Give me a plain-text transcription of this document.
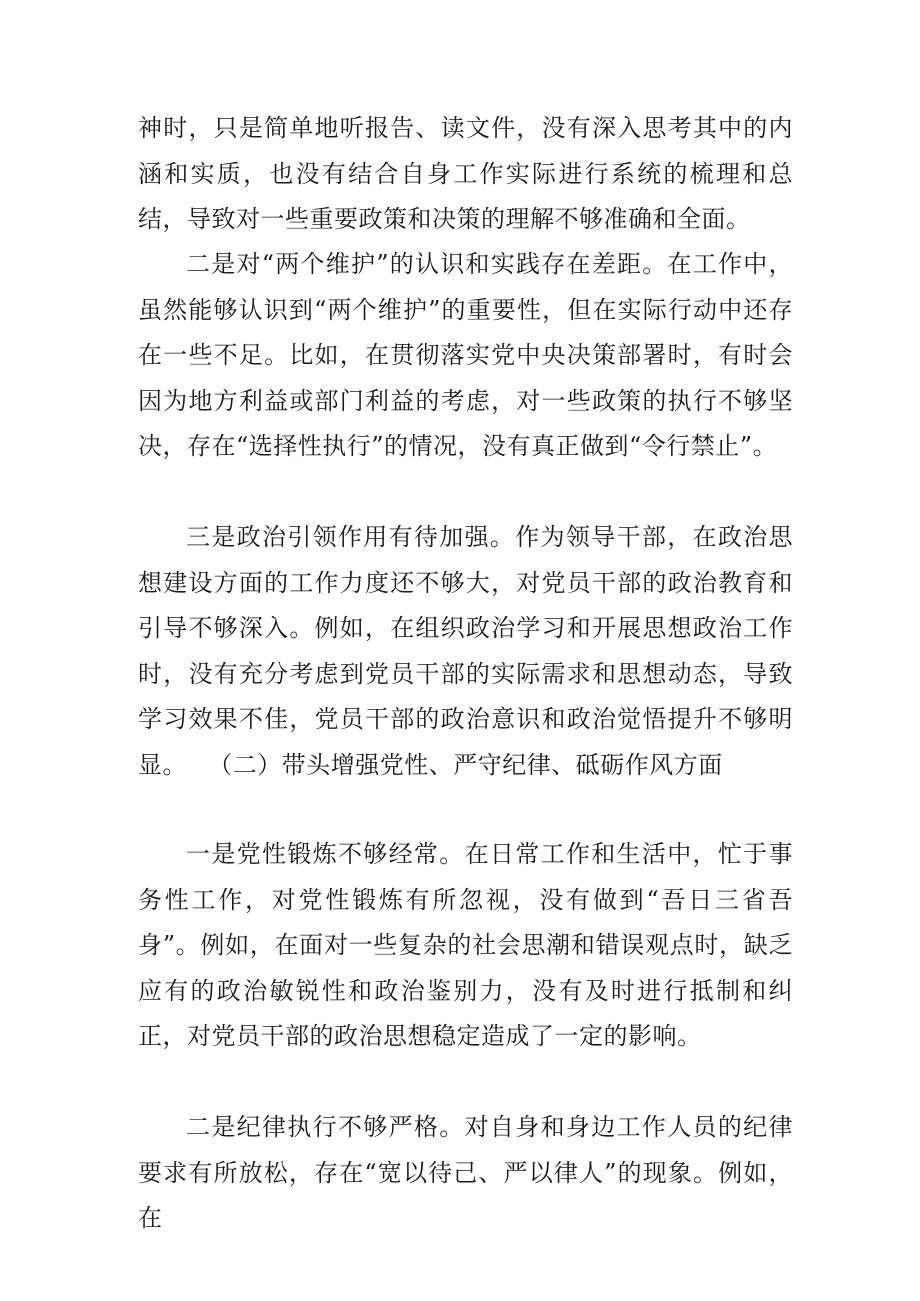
神时，只是简单地听报告、读文件，没有深入思考其中的内涵和实质，也没有结合自身工作实际进行系统的梳理和总结，导致对一些重要政策和决策的理解不够准确和全面。

二是对“两个维护”的认识和实践存在差距。在工作中，虽然能够认识到“两个维护”的重要性，但在实际行动中还存在一些不足。比如，在贯彻落实党中央决策部署时，有时会因为地方利益或部门利益的考虑，对一些政策的执行不够坚决，存在“选择性执行”的情况，没有真正做到“令行禁止”。

三是政治引领作用有待加强。作为领导干部，在政治思想建设方面的工作力度还不够大，对党员干部的政治教育和引导不够深入。例如，在组织政治学习和开展思想政治工作时，没有充分考虑到党员干部的实际需求和思想动态，导致学习效果不佳，党员干部的政治意识和政治觉悟提升不够明显。 （二）带头增强党性、严守纪律、砥砺作风方面

一是党性锻炼不够经常。在日常工作和生活中，忙于事务性工作，对党性锻炼有所忽视，没有做到“吾日三省吾身”。例如，在面对一些复杂的社会思潮和错误观点时，缺乏应有的政治敏锐性和政治鉴别力，没有及时进行抵制和纠正，对党员干部的政治思想稳定造成了一定的影响。

二是纪律执行不够严格。对自身和身边工作人员的纪律要求有所放松，存在“宽以待己、严以律人”的现象。例如，在
